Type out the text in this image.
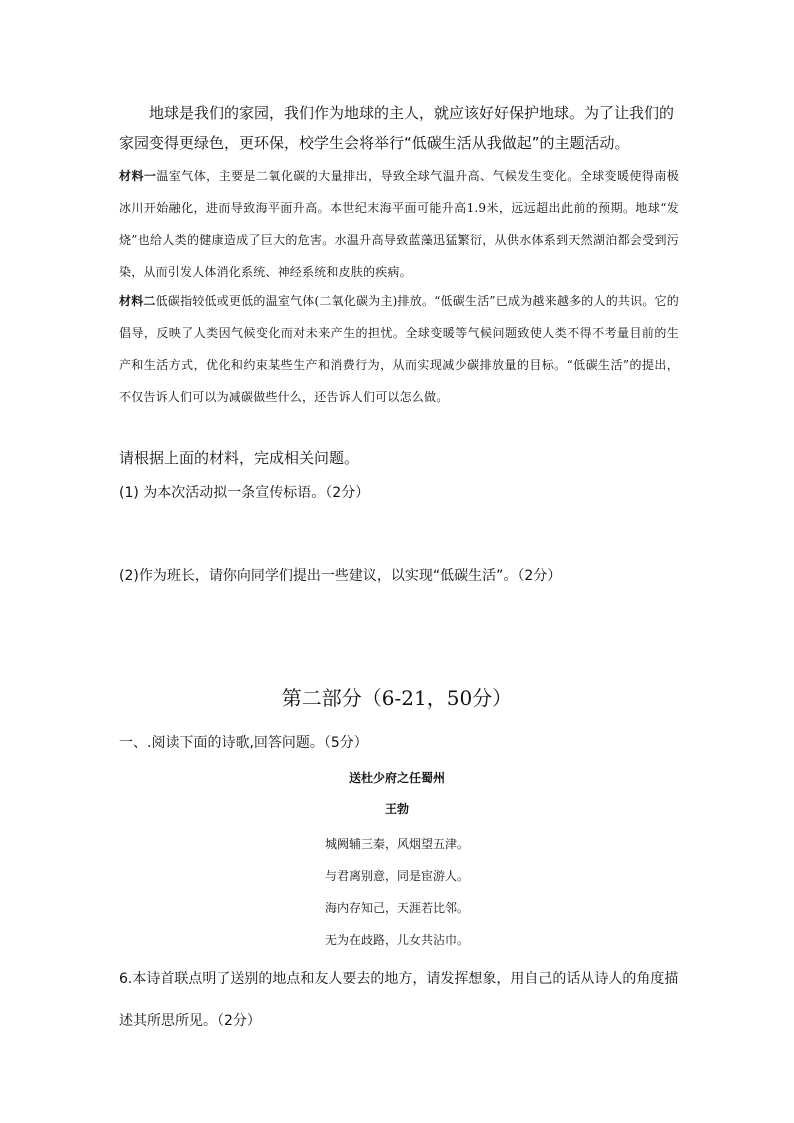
地球是我们的家园，我们作为地球的主人，就应该好好保护地球。为了让我们的家园变得更绿色，更环保，校学生会将举行“低碳生活从我做起”的主题活动。

材料一温室气体，主要是二氧化碳的大量排出，导致全球气温升高、气候发生变化。全球变暖使得南极冰川开始融化，进而导致海平面升高。本世纪末海平面可能升高1.9米，远远超出此前的预期。地球“发烧”也给人类的健康造成了巨大的危害。水温升高导致蓝藻迅猛繁衍，从供水体系到天然湖泊都会受到污染，从而引发人体消化系统、神经系统和皮肤的疾病。

材料二低碳指较低或更低的温室气体(二氧化碳为主)排放。“低碳生活”已成为越来越多的人的共识。它的倡导，反映了人类因气候变化而对未来产生的担忧。全球变暖等气候问题致使人类不得不考量目前的生产和生活方式，优化和约束某些生产和消费行为，从而实现减少碳排放量的目标。“低碳生活”的提出，不仅告诉人们可以为减碳做些什么，还告诉人们可以怎么做。

请根据上面的材料，完成相关问题。

(1) 为本次活动拟一条宣传标语。（2分）

(2)作为班长，请你向同学们提出一些建议，以实现“低碳生活”。（2分）

第二部分（6-21，50分）

一、.阅读下面的诗歌,回答问题。（5分）

送杜少府之任蜀州
王勃
城阙辅三秦，风烟望五津。
与君离别意，同是宦游人。
海内存知己，天涯若比邻。
无为在歧路，儿女共沾巾。

6.本诗首联点明了送别的地点和友人要去的地方，请发挥想象，用自己的话从诗人的角度描述其所思所见。（2分）
